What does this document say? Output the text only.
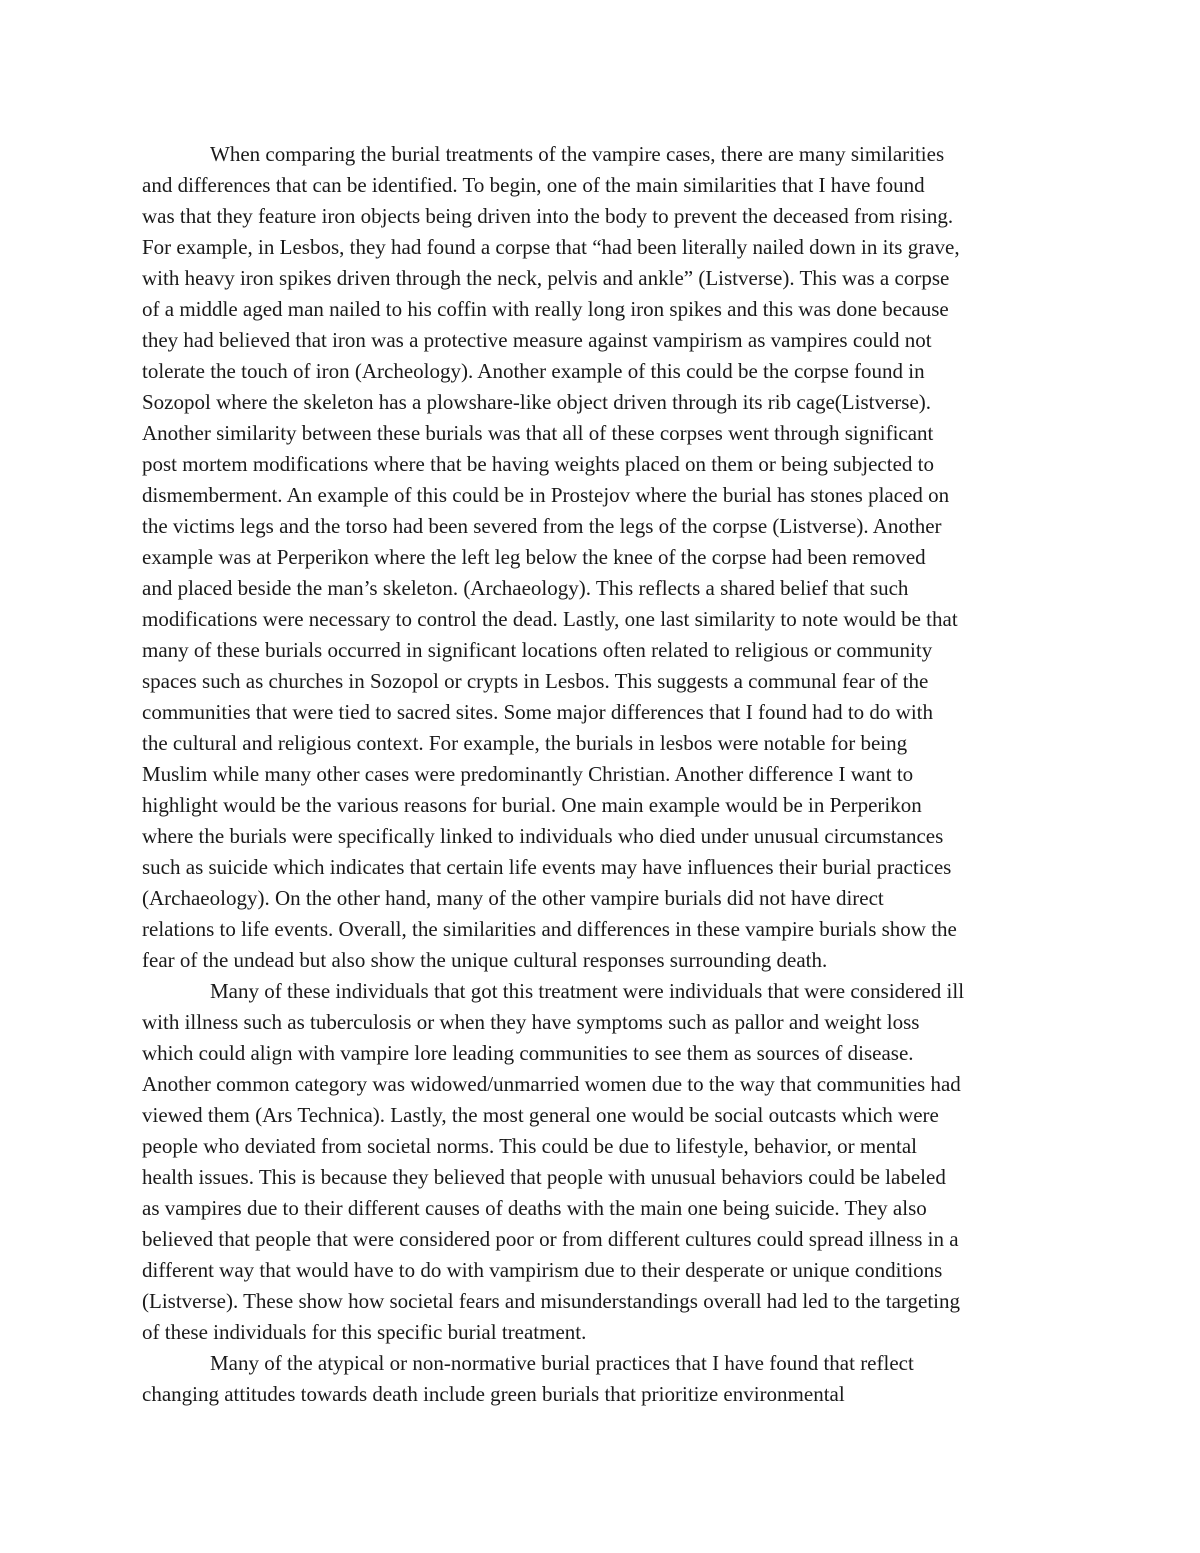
When comparing the burial treatments of the vampire cases, there are many similarities
and differences that can be identified. To begin, one of the main similarities that I have found
was that they feature iron objects being driven into the body to prevent the deceased from rising.
For example, in Lesbos, they had found a corpse that “had been literally nailed down in its grave,
with heavy iron spikes driven through the neck, pelvis and ankle” (Listverse). This was a corpse
of a middle aged man nailed to his coffin with really long iron spikes and this was done because
they had believed that iron was a protective measure against vampirism as vampires could not
tolerate the touch of iron (Archeology). Another example of this could be the corpse found in
Sozopol where the skeleton has a plowshare-like object driven through its rib cage(Listverse).
Another similarity between these burials was that all of these corpses went through significant
post mortem modifications where that be having weights placed on them or being subjected to
dismemberment. An example of this could be in Prostejov where the burial has stones placed on
the victims legs and the torso had been severed from the legs of the corpse (Listverse). Another
example was at Perperikon where the left leg below the knee of the corpse had been removed
and placed beside the man’s skeleton. (Archaeology). This reflects a shared belief that such
modifications were necessary to control the dead. Lastly, one last similarity to note would be that
many of these burials occurred in significant locations often related to religious or community
spaces such as churches in Sozopol or crypts in Lesbos. This suggests a communal fear of the
communities that were tied to sacred sites. Some major differences that I found had to do with
the cultural and religious context. For example, the burials in lesbos were notable for being
Muslim while many other cases were predominantly Christian. Another difference I want to
highlight would be the various reasons for burial. One main example would be in Perperikon
where the burials were specifically linked to individuals who died under unusual circumstances
such as suicide which indicates that certain life events may have influences their burial practices
(Archaeology). On the other hand, many of the other vampire burials did not have direct
relations to life events. Overall, the similarities and differences in these vampire burials show the
fear of the undead but also show the unique cultural responses surrounding death.
Many of these individuals that got this treatment were individuals that were considered ill
with illness such as tuberculosis or when they have symptoms such as pallor and weight loss
which could align with vampire lore leading communities to see them as sources of disease.
Another common category was widowed/unmarried women due to the way that communities had
viewed them (Ars Technica). Lastly, the most general one would be social outcasts which were
people who deviated from societal norms. This could be due to lifestyle, behavior, or mental
health issues. This is because they believed that people with unusual behaviors could be labeled
as vampires due to their different causes of deaths with the main one being suicide. They also
believed that people that were considered poor or from different cultures could spread illness in a
different way that would have to do with vampirism due to their desperate or unique conditions
(Listverse). These show how societal fears and misunderstandings overall had led to the targeting
of these individuals for this specific burial treatment.
Many of the atypical or non-normative burial practices that I have found that reflect
changing attitudes towards death include green burials that prioritize environmental
